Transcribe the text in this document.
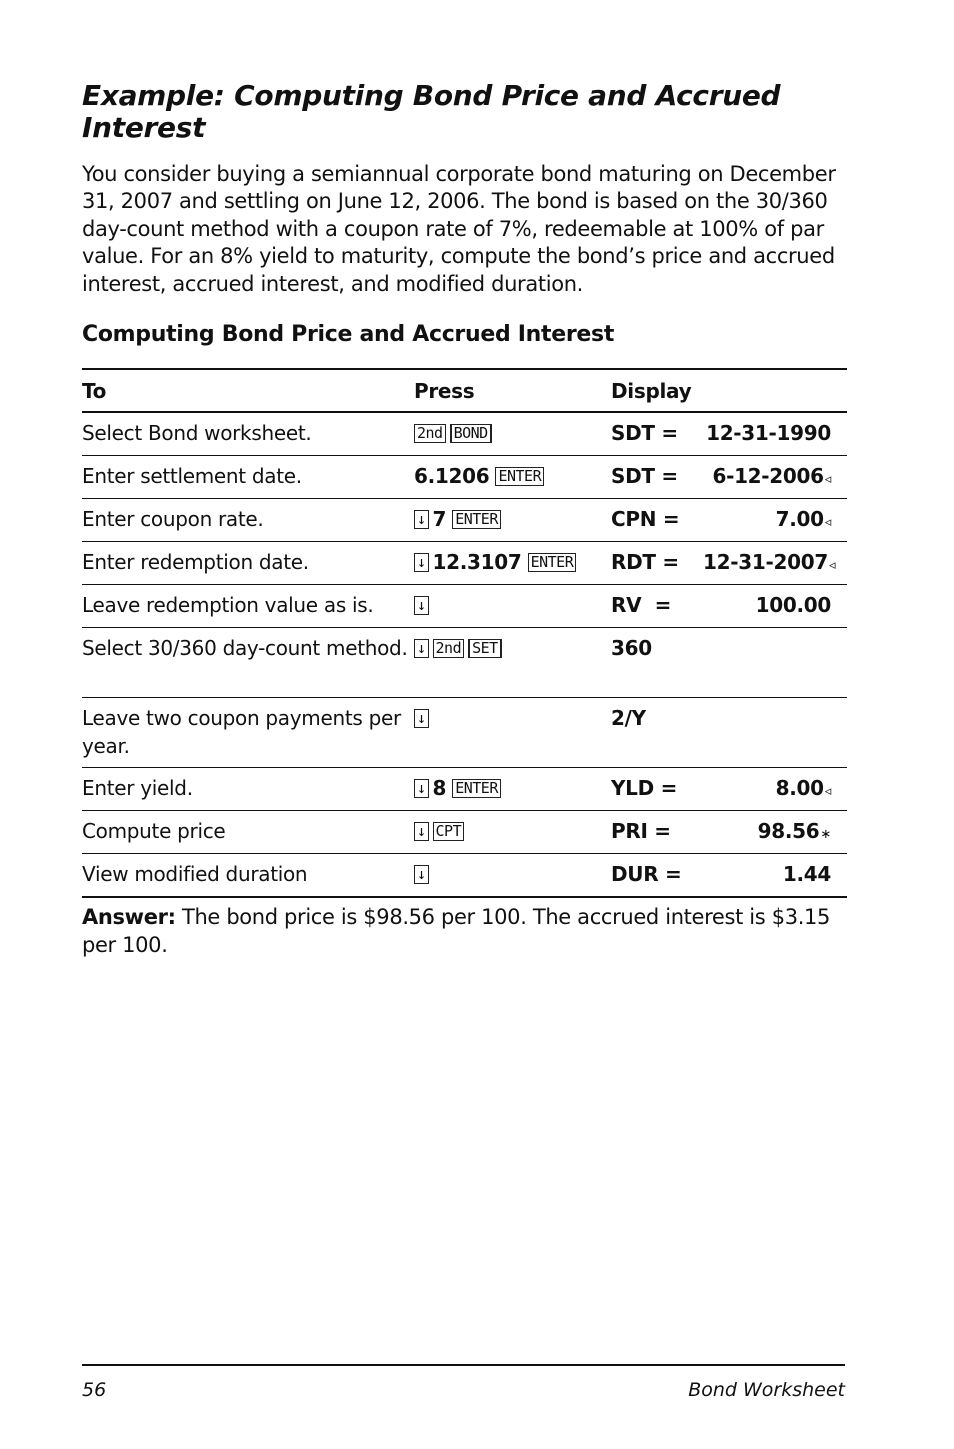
Example: Computing Bond Price and Accrued Interest

You consider buying a semiannual corporate bond maturing on December 31, 2007 and settling on June 12, 2006. The bond is based on the 30/360 day-count method with a coupon rate of 7%, redeemable at 100% of par value. For an 8% yield to maturity, compute the bond’s price and accrued interest, accrued interest, and modified duration.

Computing Bond Price and Accrued Interest
To	Press	Display	
Select Bond worksheet.	2nd BOND	SDT =	12-31-1990
Enter settlement date.	6.1206 ENTER	SDT =	6-12-2006◃
Enter coupon rate.	↓ 7 ENTER	CPN =	7.00◃
Enter redemption date.	↓ 12.3107 ENTER	RDT =	12-31-2007◃
Leave redemption value as is.	↓	RV  =	100.00
Select 30/360 day-count method.	↓ 2nd SET	360	
Leave two coupon payments per year.	↓	2/Y	
Enter yield.	↓ 8 ENTER	YLD =	8.00◃
Compute price	↓ CPT	PRI =	98.56∗
View modified duration	↓	DUR =	1.44

Answer: The bond price is $98.56 per 100. The accrued interest is $3.15 per 100.

56	Bond Worksheet
